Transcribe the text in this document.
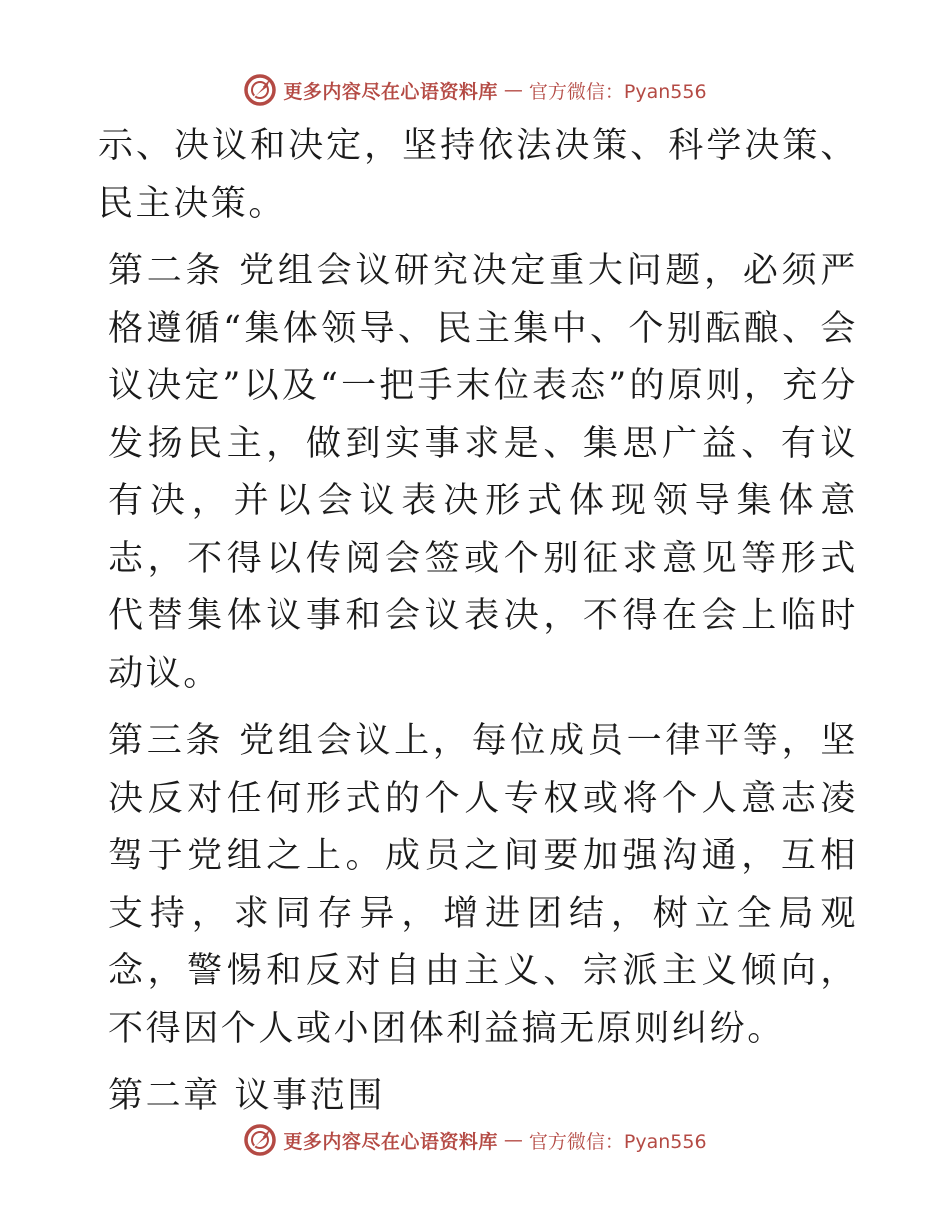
更多内容尽在心语资料库 — 官方微信：Pyan556

示、决议和决定，坚持依法决策、科学决策、民主决策。

第二条 党组会议研究决定重大问题，必须严格遵循“集体领导、民主集中、个别酝酿、会议决定”以及“一把手末位表态”的原则，充分发扬民主，做到实事求是、集思广益、有议有决，并以会议表决形式体现领导集体意志，不得以传阅会签或个别征求意见等形式代替集体议事和会议表决，不得在会上临时动议。

第三条 党组会议上，每位成员一律平等，坚决反对任何形式的个人专权或将个人意志凌驾于党组之上。成员之间要加强沟通，互相支持，求同存异，增进团结，树立全局观念，警惕和反对自由主义、宗派主义倾向，不得因个人或小团体利益搞无原则纠纷。

第二章 议事范围

更多内容尽在心语资料库 — 官方微信：Pyan556
